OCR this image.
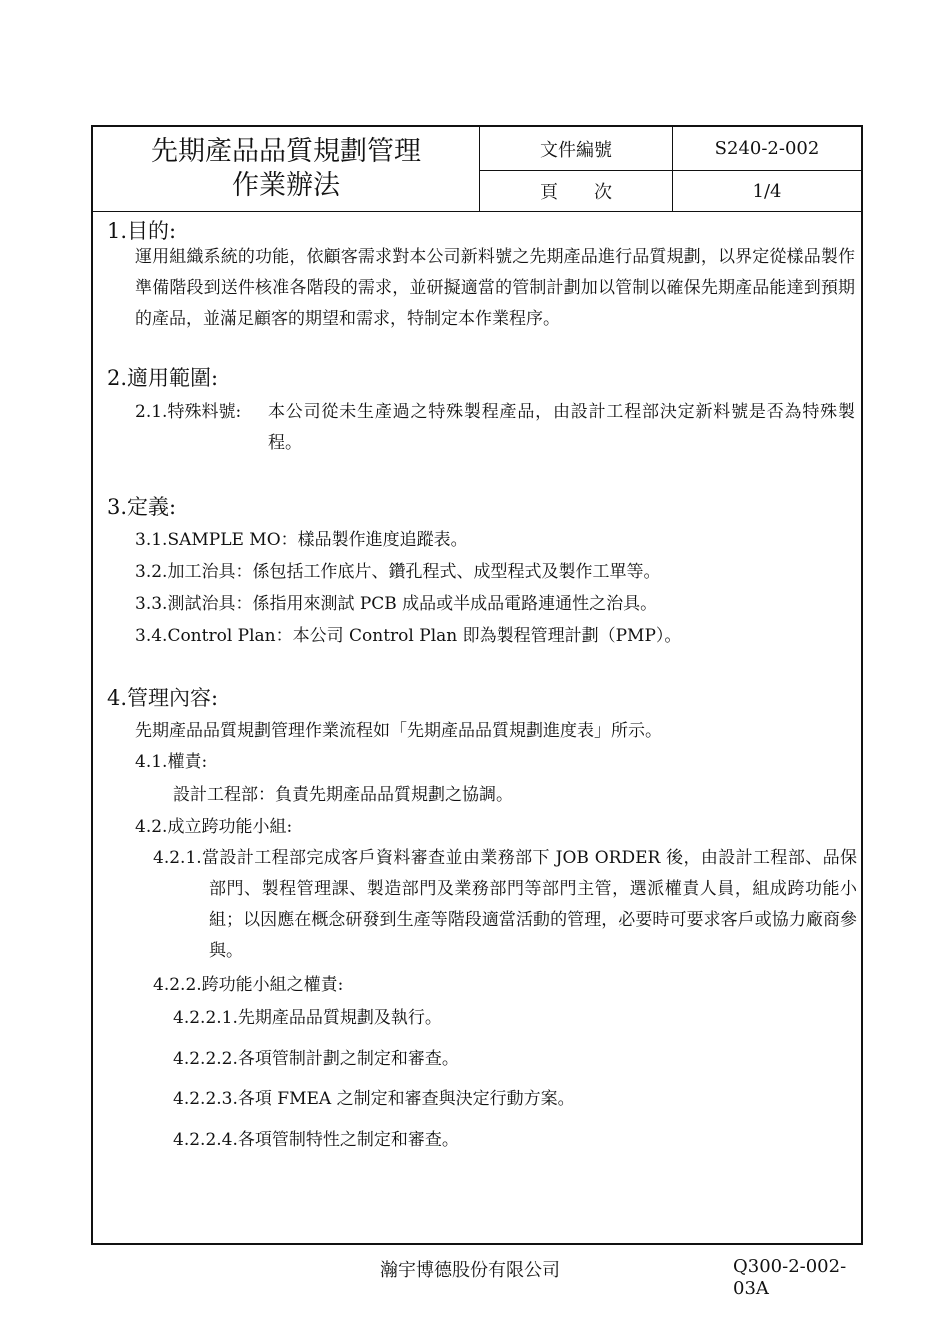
先期產品品質規劃管理
作業辦法
文件編號	S240-2-002
頁　　次	1/4
1.目的:
運用組織系統的功能，依顧客需求對本公司新料號之先期產品進行品質規劃，以界定從樣品製作準備階段到送件核准各階段的需求，並研擬適當的管制計劃加以管制以確保先期產品能達到預期的產品，並滿足顧客的期望和需求，特制定本作業程序。
2.適用範圍:
2.1.特殊料號: 本公司從未生產過之特殊製程產品，由設計工程部決定新料號是否為特殊製程。
3.定義:
3.1.SAMPLE MO：樣品製作進度追蹤表。
3.2.加工治具：係包括工作底片、鑽孔程式、成型程式及製作工單等。
3.3.測試治具：係指用來測試 PCB 成品或半成品電路連通性之治具。
3.4.Control Plan：本公司 Control Plan 即為製程管理計劃（PMP）。
4.管理內容:
先期產品品質規劃管理作業流程如「先期產品品質規劃進度表」所示。
4.1.權責:
設計工程部：負責先期產品品質規劃之協調。
4.2.成立跨功能小組:
4.2.1.當設計工程部完成客戶資料審查並由業務部下 JOB ORDER 後，由設計工程部、品保部門、製程管理課、製造部門及業務部門等部門主管，選派權責人員，組成跨功能小組；以因應在概念研發到生產等階段適當活動的管理，必要時可要求客戶或協力廠商參與。
4.2.2.跨功能小組之權責:
4.2.2.1.先期產品品質規劃及執行。
4.2.2.2.各項管制計劃之制定和審查。
4.2.2.3.各項 FMEA 之制定和審查與決定行動方案。
4.2.2.4.各項管制特性之制定和審查。
瀚宇博德股份有限公司	Q300-2-002-03A
